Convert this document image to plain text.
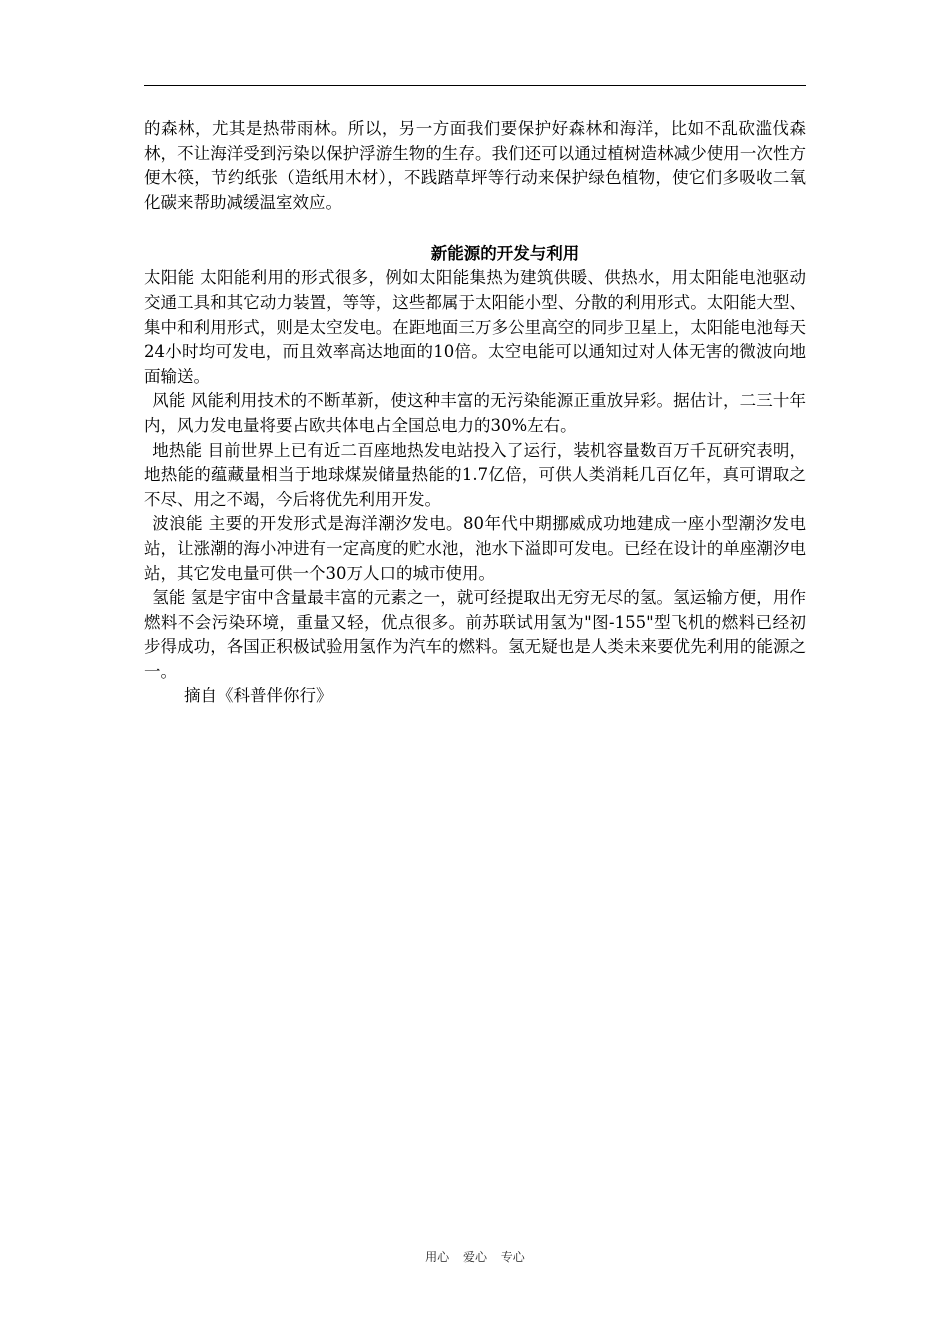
的森林，尤其是热带雨林。所以，另一方面我们要保护好森林和海洋，比如不乱砍滥伐森林，不让海洋受到污染以保护浮游生物的生存。我们还可以通过植树造林减少使用一次性方便木筷，节约纸张（造纸用木材），不践踏草坪等行动来保护绿色植物，使它们多吸收二氧化碳来帮助减缓温室效应。

新能源的开发与利用

太阳能 太阳能利用的形式很多，例如太阳能集热为建筑供暖、供热水，用太阳能电池驱动交通工具和其它动力装置，等等，这些都属于太阳能小型、分散的利用形式。太阳能大型、集中和利用形式，则是太空发电。在距地面三万多公里高空的同步卫星上，太阳能电池每天24小时均可发电，而且效率高达地面的10倍。太空电能可以通知过对人体无害的微波向地面输送。

风能 风能利用技术的不断革新，使这种丰富的无污染能源正重放异彩。据估计，二三十年内，风力发电量将要占欧共体电占全国总电力的30%左右。

地热能 目前世界上已有近二百座地热发电站投入了运行，装机容量数百万千瓦研究表明，地热能的蕴藏量相当于地球煤炭储量热能的1.7亿倍，可供人类消耗几百亿年，真可谓取之不尽、用之不竭，今后将优先利用开发。

波浪能 主要的开发形式是海洋潮汐发电。80年代中期挪威成功地建成一座小型潮汐发电站，让涨潮的海小冲进有一定高度的贮水池，池水下溢即可发电。已经在设计的单座潮汐电站，其它发电量可供一个30万人口的城市使用。

氢能 氢是宇宙中含量最丰富的元素之一，就可经提取出无穷无尽的氢。氢运输方便，用作燃料不会污染环境，重量又轻，优点很多。前苏联试用氢为"图-155"型飞机的燃料已经初步得成功，各国正积极试验用氢作为汽车的燃料。氢无疑也是人类未来要优先利用的能源之一。

摘自《科普伴你行》

用心 爱心 专心
